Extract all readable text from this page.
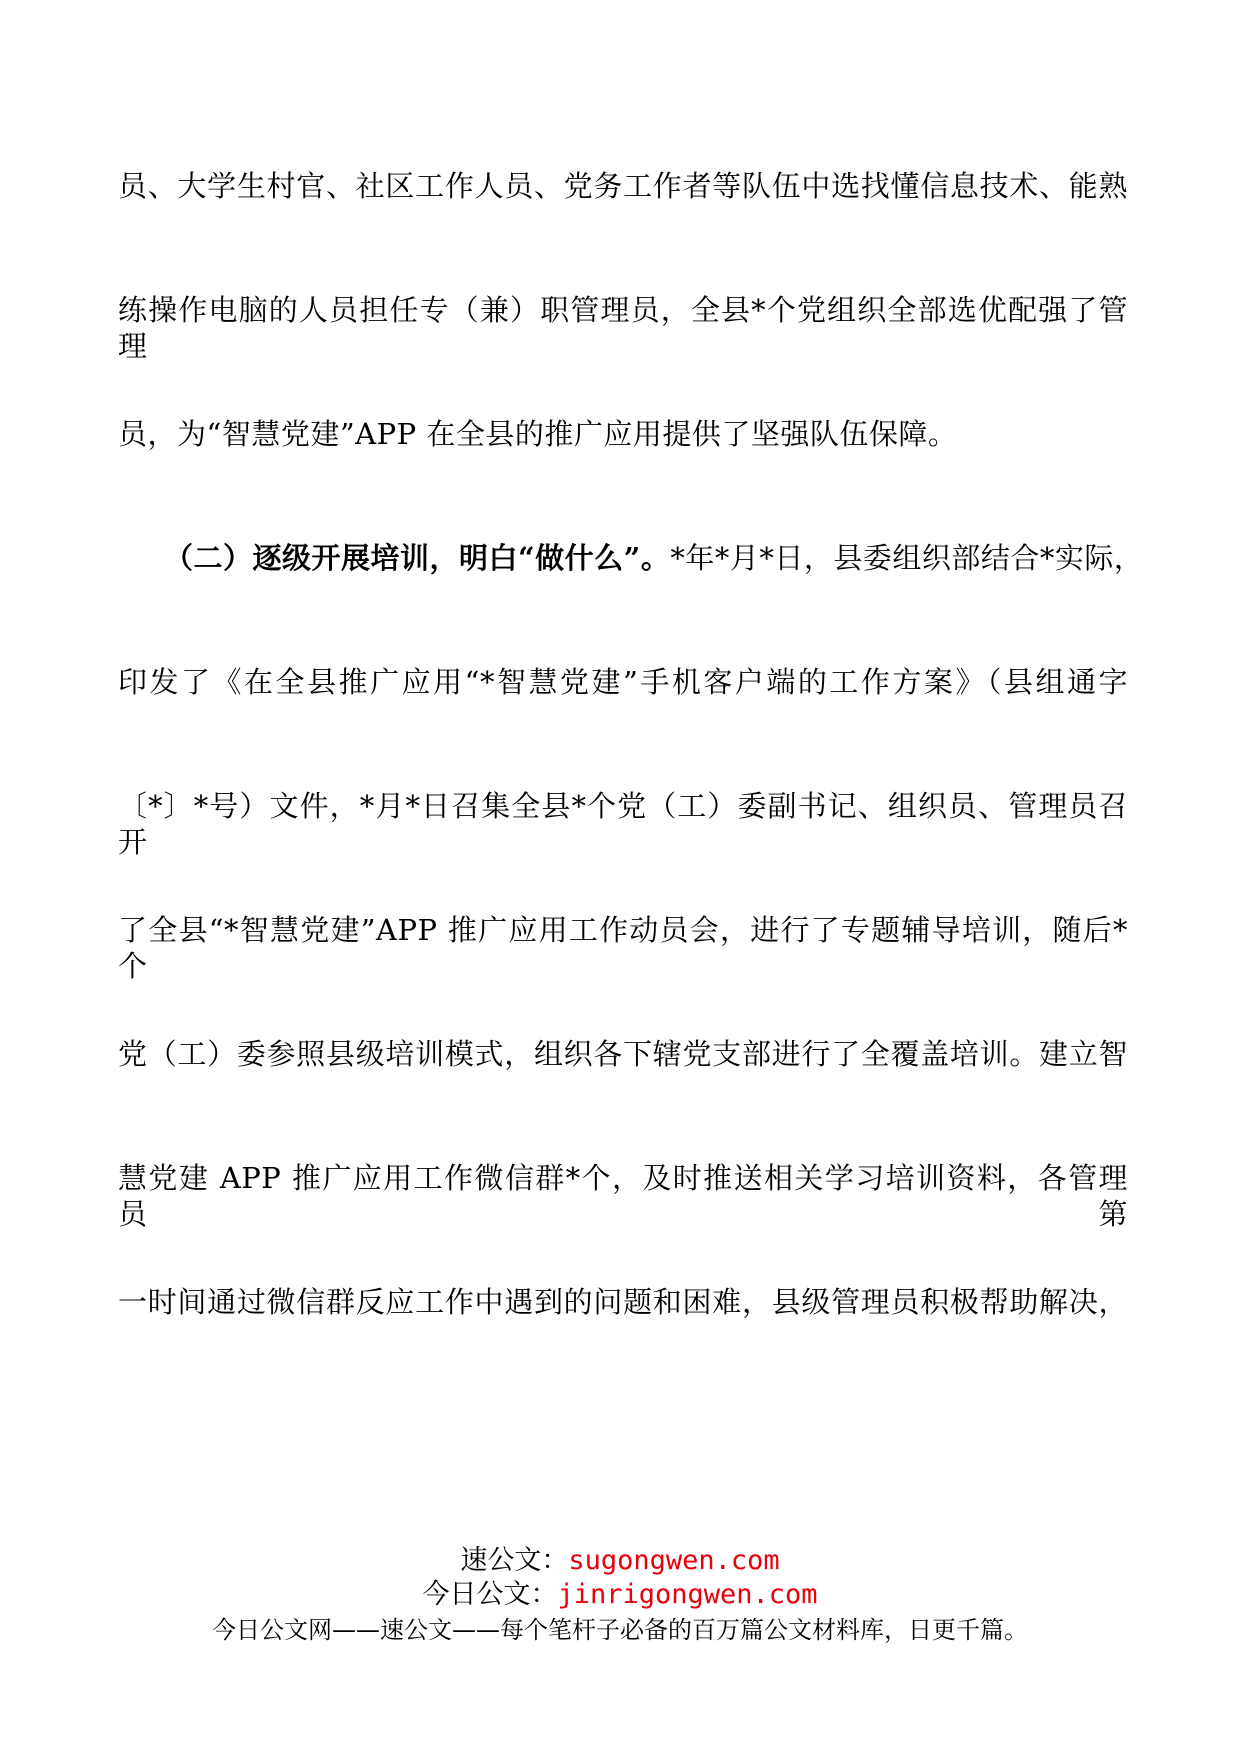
员、大学生村官、社区工作人员、党务工作者等队伍中选找懂信息技术、能熟
练操作电脑的人员担任专（兼）职管理员，全县*个党组织全部选优配强了管理
员，为“智慧党建”APP 在全县的推广应用提供了坚强队伍保障。
（二）逐级开展培训，明白“做什么”。*年*月*日，县委组织部结合*实际，
印发了《在全县推广应用“*智慧党建”手机客户端的工作方案》（县组通字
〔*〕*号）文件，*月*日召集全县*个党（工）委副书记、组织员、管理员召开
了全县“*智慧党建”APP 推广应用工作动员会，进行了专题辅导培训，随后*个
党（工）委参照县级培训模式，组织各下辖党支部进行了全覆盖培训。建立智
慧党建 APP 推广应用工作微信群*个，及时推送相关学习培训资料，各管理员第
一时间通过微信群反应工作中遇到的问题和困难，县级管理员积极帮助解决，
速公文：sugongwen.com
今日公文：jinrigongwen.com
今日公文网——速公文——每个笔杆子必备的百万篇公文材料库，日更千篇。
